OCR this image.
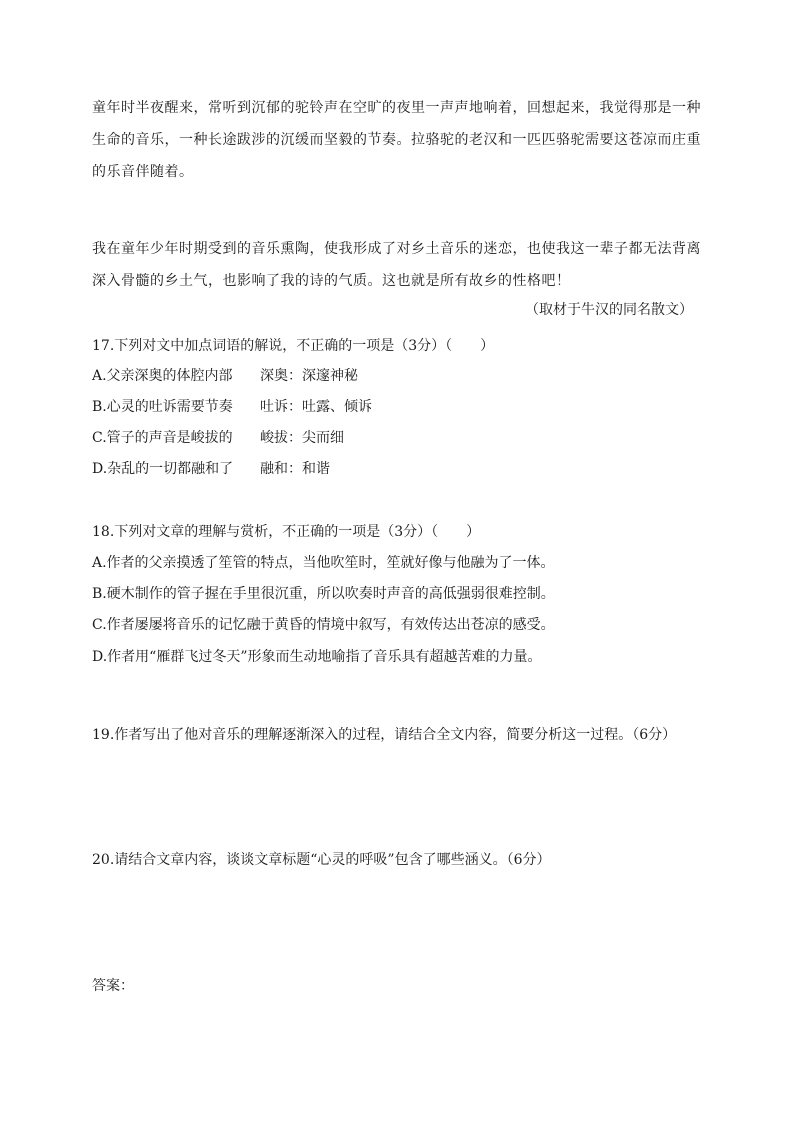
童年时半夜醒来，常听到沉郁的驼铃声在空旷的夜里一声声地响着，回想起来，我觉得那是一种生命的音乐，一种长途跋涉的沉缓而坚毅的节奏。拉骆驼的老汉和一匹匹骆驼需要这苍凉而庄重的乐音伴随着。

我在童年少年时期受到的音乐熏陶，使我形成了对乡土音乐的迷恋，也使我这一辈子都无法背离深入骨髓的乡土气，也影响了我的诗的气质。这也就是所有故乡的性格吧！

（取材于牛汉的同名散文）

17.下列对文中加点词语的解说，不正确的一项是（3分）（　　）

A.父亲深奥的体腔内部 深奥：深邃神秘
B.心灵的吐诉需要节奏 吐诉：吐露、倾诉
C.管子的声音是峻拔的 峻拔：尖而细
D.杂乱的一切都融和了 融和：和谐

18.下列对文章的理解与赏析，不正确的一项是（3分）（　　）

A.作者的父亲摸透了笙管的特点，当他吹笙时，笙就好像与他融为了一体。

B.硬木制作的管子握在手里很沉重，所以吹奏时声音的高低强弱很难控制。

C.作者屡屡将音乐的记忆融于黄昏的情境中叙写，有效传达出苍凉的感受。

D.作者用“雁群飞过冬天”形象而生动地喻指了音乐具有超越苦难的力量。

19.作者写出了他对音乐的理解逐渐深入的过程，请结合全文内容，简要分析这一过程。（6分）

20.请结合文章内容，谈谈文章标题“心灵的呼吸”包含了哪些涵义。（6分）

答案：
